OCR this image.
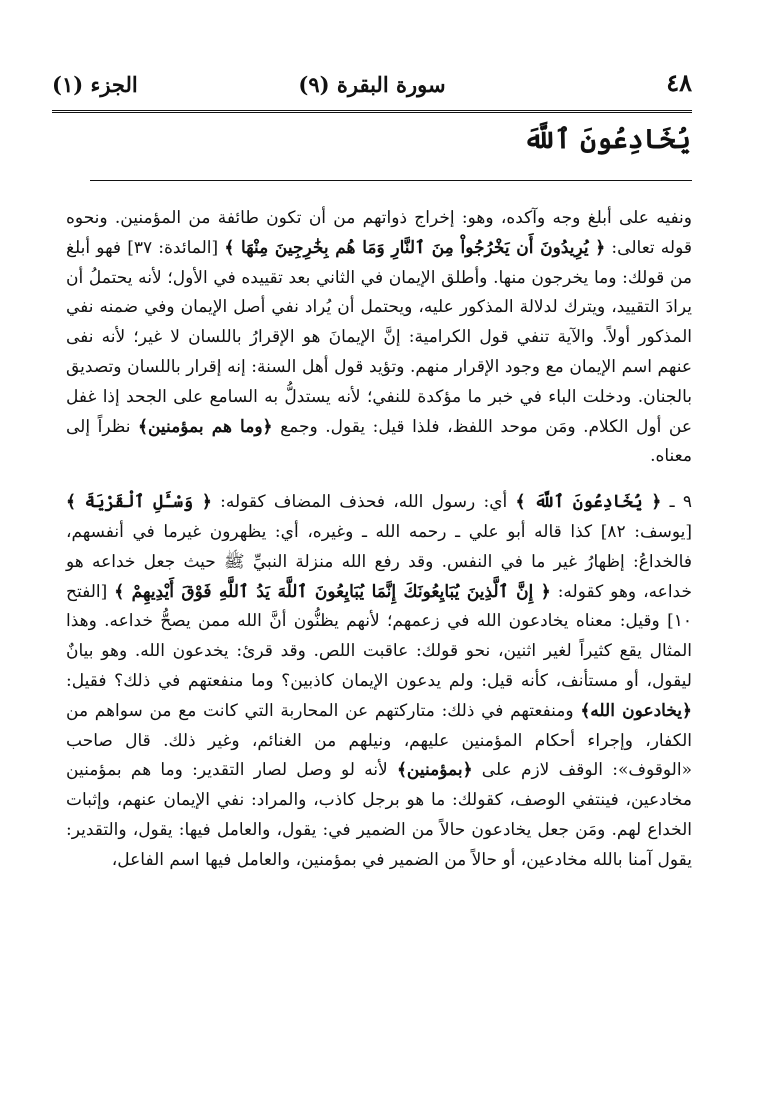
٤٨
سورة البقرة (٩)
الجزء (١)
يُخَادِعُونَ ٱللَّهَ

ونفيه على أبلغ وجه وآكده، وهو: إخراج ذواتهم من أن تكون طائفة من المؤمنين. ونحوه قوله تعالى: ﴿ يُرِيدُونَ أَن يَخْرُجُواْ مِنَ ٱلنَّارِ وَمَا هُم بِخَٰرِجِينَ مِنْهَا ﴾ [المائدة: ٣٧] فهو أبلغ من قولك: وما يخرجون منها. وأطلق الإيمان في الثاني بعد تقييده في الأول؛ لأنه يحتملُ أن يرادَ التقييد، ويترك لدلالة المذكور عليه، ويحتمل أن يُراد نفي أصل الإيمان وفي ضمنه نفي المذكور أولاً. والآية تنفي قول الكرامية: إنَّ الإيمانَ هو الإقرارُ باللسان لا غير؛ لأنه نفى عنهم اسم الإيمان مع وجود الإقرار منهم. وتؤيد قول أهل السنة: إنه إقرار باللسان وتصديق بالجنان. ودخلت الباء في خبر ما مؤكدة للنفي؛ لأنه يستدلُّ به السامع على الجحد إذا غفل عن أول الكلام. ومَن موحد اللفظ، فلذا قيل: يقول. وجمع ﴿وما هم بمؤمنين﴾ نظراً إلى معناه.

٩ ـ ﴿ يُخَادِعُونَ ٱللَّهَ ﴾ أي: رسول الله، فحذف المضاف كقوله: ﴿ وَسْـَٔلِ ٱلْقَرْيَةَ ﴾ [يوسف: ٨٢] كذا قاله أبو علي ـ رحمه الله ـ وغيره، أي: يظهرون غيرما في أنفسهم، فالخداعُ: إظهارُ غير ما في النفس. وقد رفع الله منزلة النبيِّ ﷺ حيث جعل خداعه هو خداعه، وهو كقوله: ﴿ إِنَّ ٱلَّذِينَ يُبَايِعُونَكَ إِنَّمَا يُبَايِعُونَ ٱللَّهَ يَدُ ٱللَّهِ فَوْقَ أَيْدِيهِمْ ﴾ [الفتح ١٠] وقيل: معناه يخادعون الله في زعمهم؛ لأنهم يظنُّون أنَّ الله ممن يصحُّ خداعه. وهذا المثال يقع كثيراً لغير اثنين، نحو قولك: عاقبت اللص. وقد قرئ: يخدعون الله. وهو بيانٌ ليقول، أو مستأنف، كأنه قيل: ولم يدعون الإيمان كاذبين؟ وما منفعتهم في ذلك؟ فقيل: ﴿يخادعون الله﴾ ومنفعتهم في ذلك: متاركتهم عن المحاربة التي كانت مع من سواهم من الكفار، وإجراء أحكام المؤمنين عليهم، ونيلهم من الغنائم، وغير ذلك. قال صاحب «الوقوف»: الوقف لازم على ﴿بمؤمنين﴾ لأنه لو وصل لصار التقدير: وما هم بمؤمنين مخادعين، فينتفي الوصف، كقولك: ما هو برجل كاذب، والمراد: نفي الإيمان عنهم، وإثبات الخداع لهم. ومَن جعل يخادعون حالاً من الضمير في: يقول، والعامل فيها: يقول، والتقدير: يقول آمنا بالله مخادعين، أو حالاً من الضمير في بمؤمنين، والعامل فيها اسم الفاعل،
